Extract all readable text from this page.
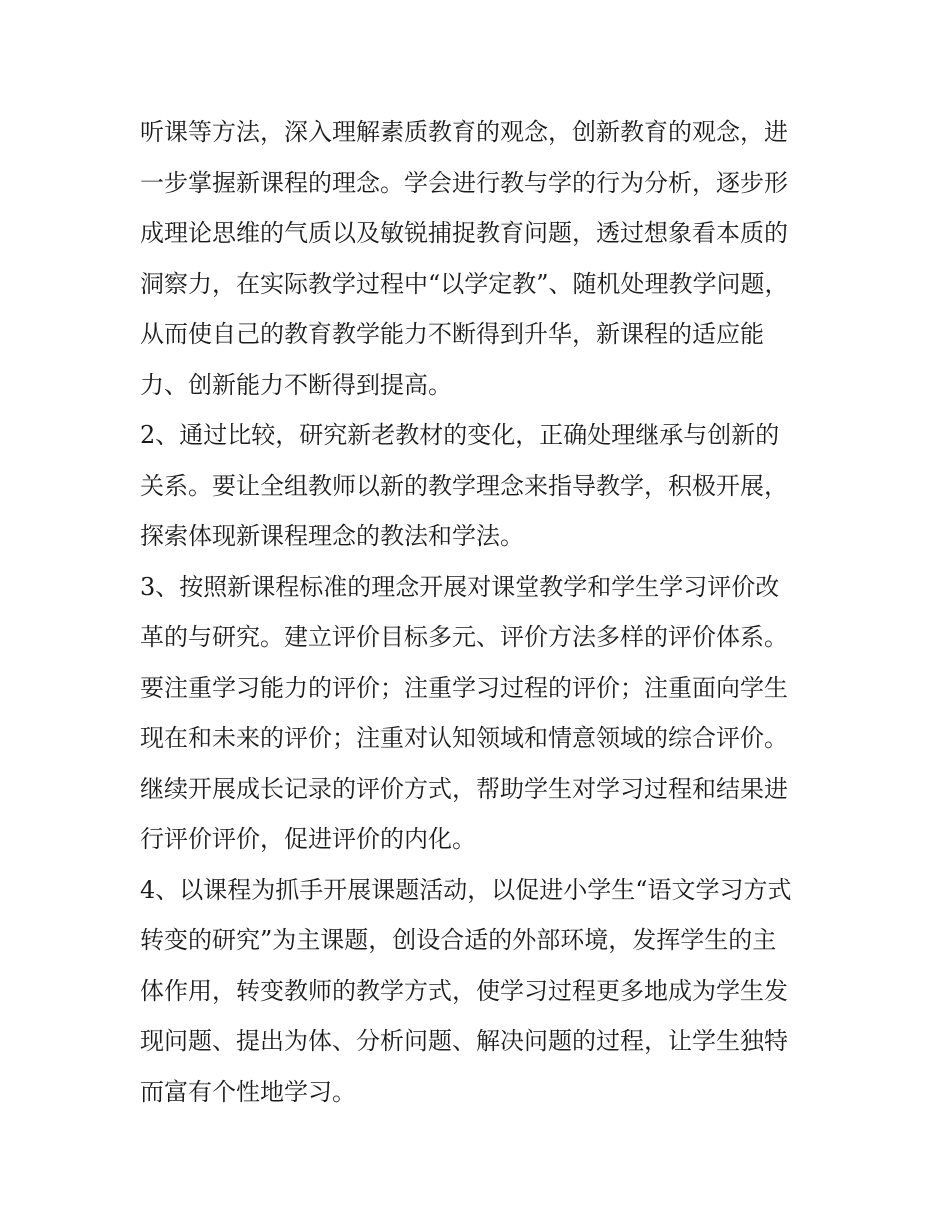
听课等方法，深入理解素质教育的观念，创新教育的观念，进
一步掌握新课程的理念。学会进行教与学的行为分析，逐步形
成理论思维的气质以及敏锐捕捉教育问题，透过想象看本质的
洞察力，在实际教学过程中“以学定教”、随机处理教学问题，
从而使自己的教育教学能力不断得到升华，新课程的适应能
力、创新能力不断得到提高。
2、通过比较，研究新老教材的变化，正确处理继承与创新的
关系。要让全组教师以新的教学理念来指导教学，积极开展，
探索体现新课程理念的教法和学法。
3、按照新课程标准的理念开展对课堂教学和学生学习评价改
革的与研究。建立评价目标多元、评价方法多样的评价体系。
要注重学习能力的评价；注重学习过程的评价；注重面向学生
现在和未来的评价；注重对认知领域和情意领域的综合评价。
继续开展成长记录的评价方式，帮助学生对学习过程和结果进
行评价评价，促进评价的内化。
4、以课程为抓手开展课题活动，以促进小学生“语文学习方式
转变的研究”为主课题，创设合适的外部环境，发挥学生的主
体作用，转变教师的教学方式，使学习过程更多地成为学生发
现问题、提出为体、分析问题、解决问题的过程，让学生独特
而富有个性地学习。
